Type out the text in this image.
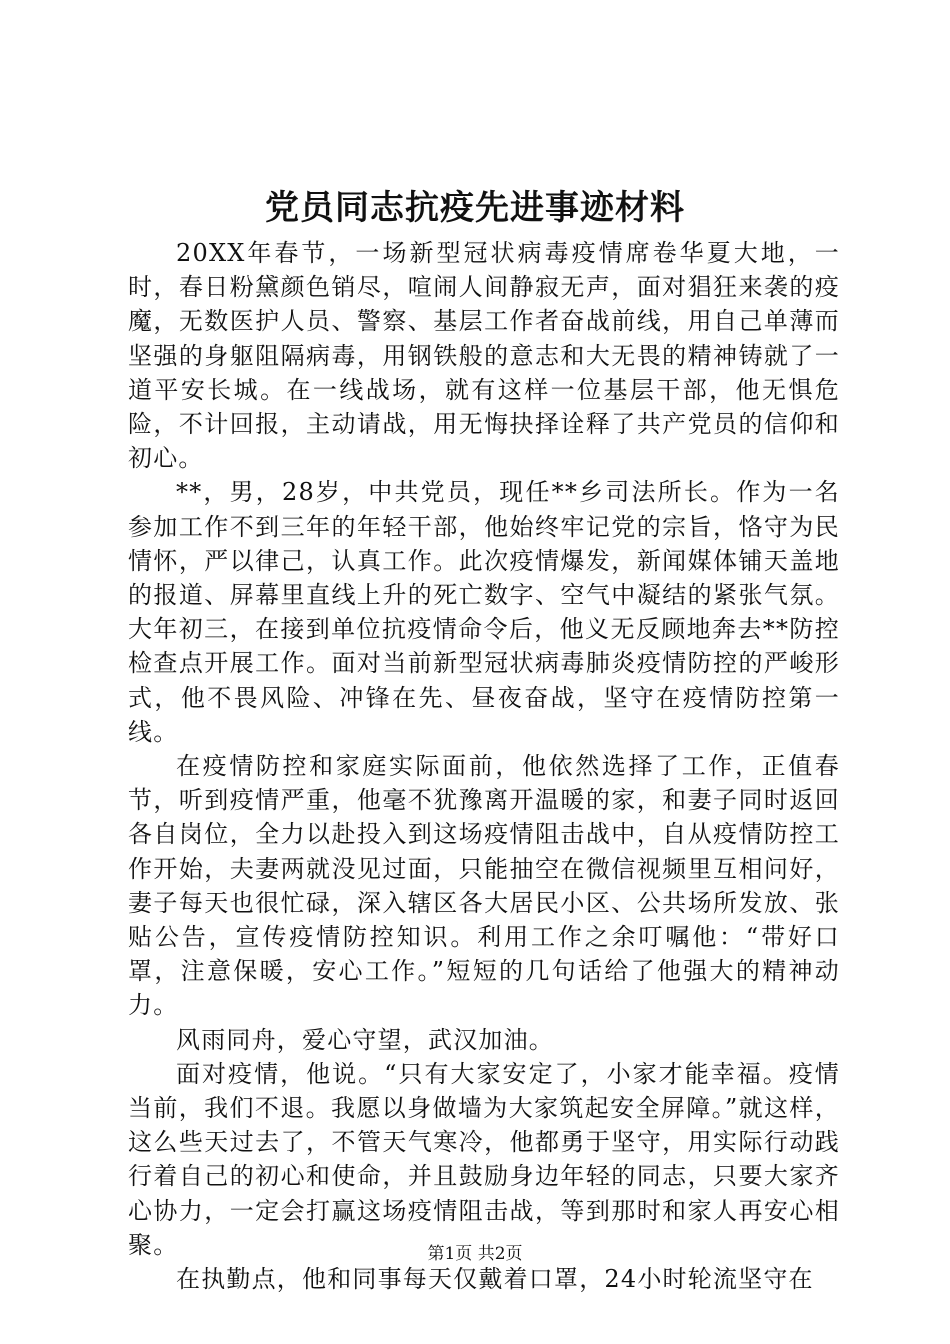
党员同志抗疫先进事迹材料

20XX年春节，一场新型冠状病毒疫情席卷华夏大地，一时，春日粉黛颜色销尽，喧闹人间静寂无声，面对猖狂来袭的疫魔，无数医护人员、警察、基层工作者奋战前线，用自己单薄而坚强的身躯阻隔病毒，用钢铁般的意志和大无畏的精神铸就了一道平安长城。在一线战场，就有这样一位基层干部，他无惧危险，不计回报，主动请战，用无悔抉择诠释了共产党员的信仰和初心。

**，男，28岁，中共党员，现任**乡司法所长。作为一名参加工作不到三年的年轻干部，他始终牢记党的宗旨，恪守为民情怀，严以律己，认真工作。此次疫情爆发，新闻媒体铺天盖地的报道、屏幕里直线上升的死亡数字、空气中凝结的紧张气氛。大年初三，在接到单位抗疫情命令后，他义无反顾地奔去**防控检查点开展工作。面对当前新型冠状病毒肺炎疫情防控的严峻形式，他不畏风险、冲锋在先、昼夜奋战，坚守在疫情防控第一线。

在疫情防控和家庭实际面前，他依然选择了工作，正值春节，听到疫情严重，他毫不犹豫离开温暖的家，和妻子同时返回各自岗位，全力以赴投入到这场疫情阻击战中，自从疫情防控工作开始，夫妻两就没见过面，只能抽空在微信视频里互相问好，妻子每天也很忙碌，深入辖区各大居民小区、公共场所发放、张贴公告，宣传疫情防控知识。利用工作之余叮嘱他：“带好口罩，注意保暖，安心工作。”短短的几句话给了他强大的精神动力。

风雨同舟，爱心守望，武汉加油。

面对疫情，他说。“只有大家安定了，小家才能幸福。疫情当前，我们不退。我愿以身做墙为大家筑起安全屏障。”就这样，这么些天过去了，不管天气寒冷，他都勇于坚守，用实际行动践行着自己的初心和使命，并且鼓励身边年轻的同志，只要大家齐心协力，一定会打赢这场疫情阻击战，等到那时和家人再安心相聚。

在执勤点，他和同事每天仅戴着口罩，24小时轮流坚守在

第1页 共2页
